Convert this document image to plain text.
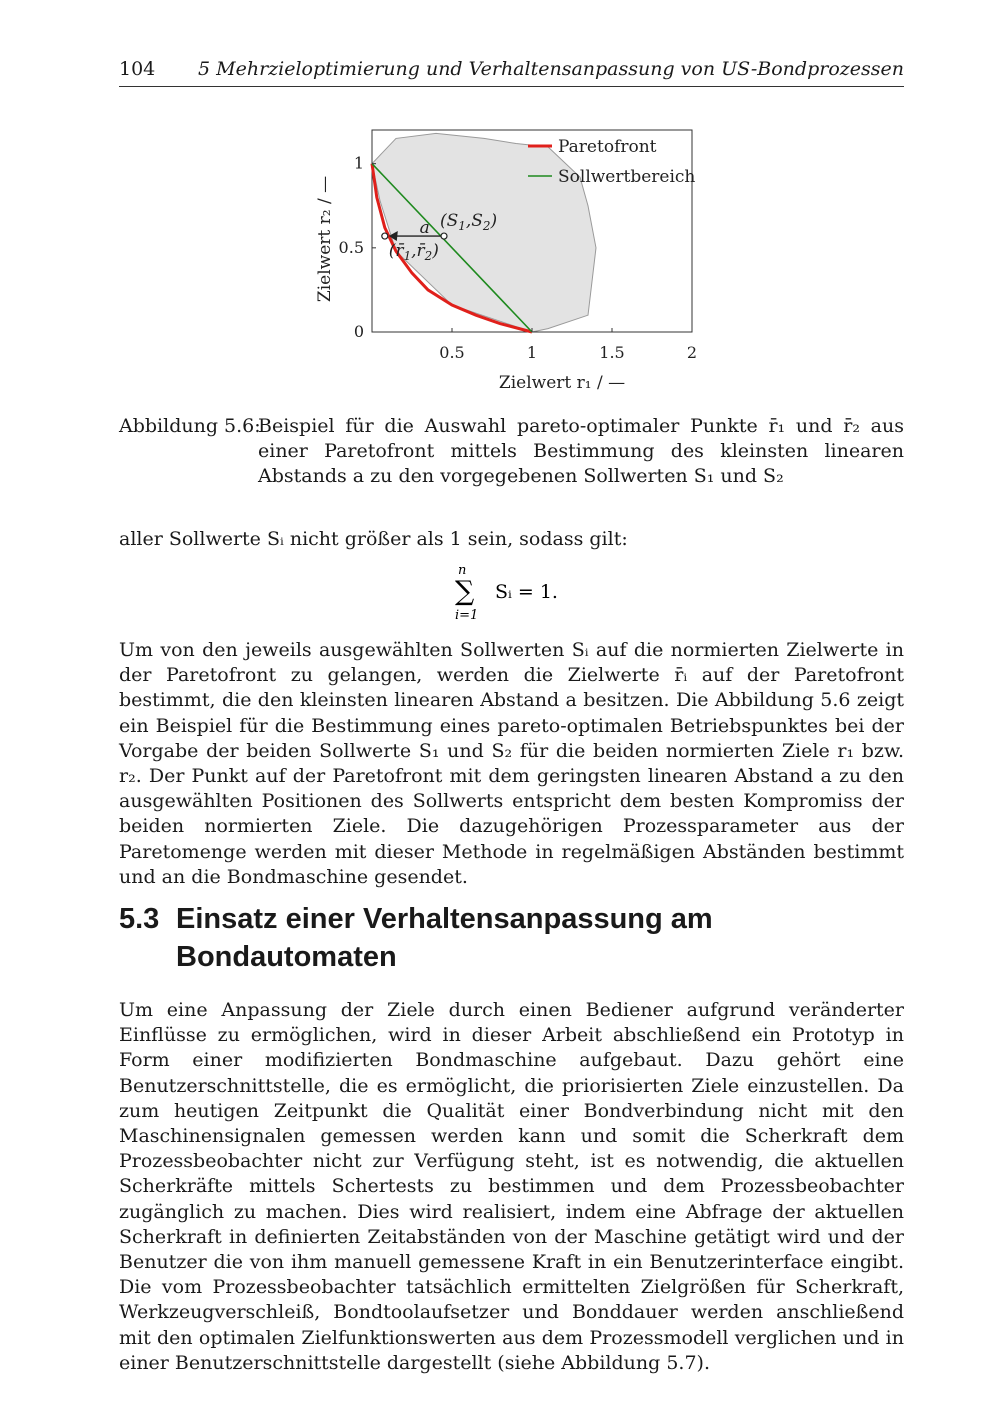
104 5 Mehrzieloptimierung und Verhaltensanpassung von US-Bondprozessen
0.5	1	1.5	2
0
0.5
1
Zielwert r₁ / —
Zielwert r₂ / —
Paretofront
Sollwertbereich
$(S_1,S_2)$
$(r̄_1,r̄_2)$
a
Abbildung 5.6:
Beispiel für die Auswahl pareto-optimaler Punkte r̄₁ und r̄₂ aus einer Paretofront mittels Bestimmung des kleinsten linearen Abstands a zu den vorgegebenen Sollwerten S₁ und S₂

aller Sollwerte Sᵢ nicht größer als 1 sein, sodass gilt:

n
∑
i=1
Sᵢ = 1.

Um von den jeweils ausgewählten Sollwerten Sᵢ auf die normierten Zielwerte in der Paretofront zu gelangen, werden die Zielwerte r̄ᵢ auf der Paretofront bestimmt, die den kleinsten linearen Abstand a besitzen. Die Abbildung 5.6 zeigt ein Beispiel für die Bestimmung eines pareto-optimalen Betriebspunktes bei der Vorgabe der beiden Sollwerte S₁ und S₂ für die beiden normierten Ziele r₁ bzw. r₂. Der Punkt auf der Paretofront mit dem geringsten linearen Abstand a zu den ausgewählten Positionen des Sollwerts entspricht dem besten Kompromiss der beiden normierten Ziele. Die dazugehörigen Prozessparameter aus der Paretomenge werden mit dieser Methode in regelmäßigen Abständen bestimmt und an die Bondmaschine gesendet.

5.3 Einsatz einer Verhaltensanpassung am Bondautomaten

Um eine Anpassung der Ziele durch einen Bediener aufgrund veränderter Einflüsse zu ermöglichen, wird in dieser Arbeit abschließend ein Prototyp in Form einer modifizierten Bondmaschine aufgebaut. Dazu gehört eine Benutzerschnittstelle, die es ermöglicht, die priorisierten Ziele einzustellen. Da zum heutigen Zeitpunkt die Qualität einer Bondverbindung nicht mit den Maschinensignalen gemessen werden kann und somit die Scherkraft dem Prozessbeobachter nicht zur Verfügung steht, ist es notwendig, die aktuellen Scherkräfte mittels Schertests zu bestimmen und dem Prozessbeobachter zugänglich zu machen. Dies wird realisiert, indem eine Abfrage der aktuellen Scherkraft in definierten Zeitabständen von der Maschine getätigt wird und der Benutzer die von ihm manuell gemessene Kraft in ein Benutzerinterface eingibt. Die vom Prozessbeobachter tatsächlich ermittelten Zielgrößen für Scherkraft, Werkzeugverschleiß, Bondtoolaufsetzer und Bonddauer werden anschließend mit den optimalen Zielfunktionswerten aus dem Prozessmodell verglichen und in einer Benutzerschnittstelle dargestellt (siehe Abbildung 5.7).
